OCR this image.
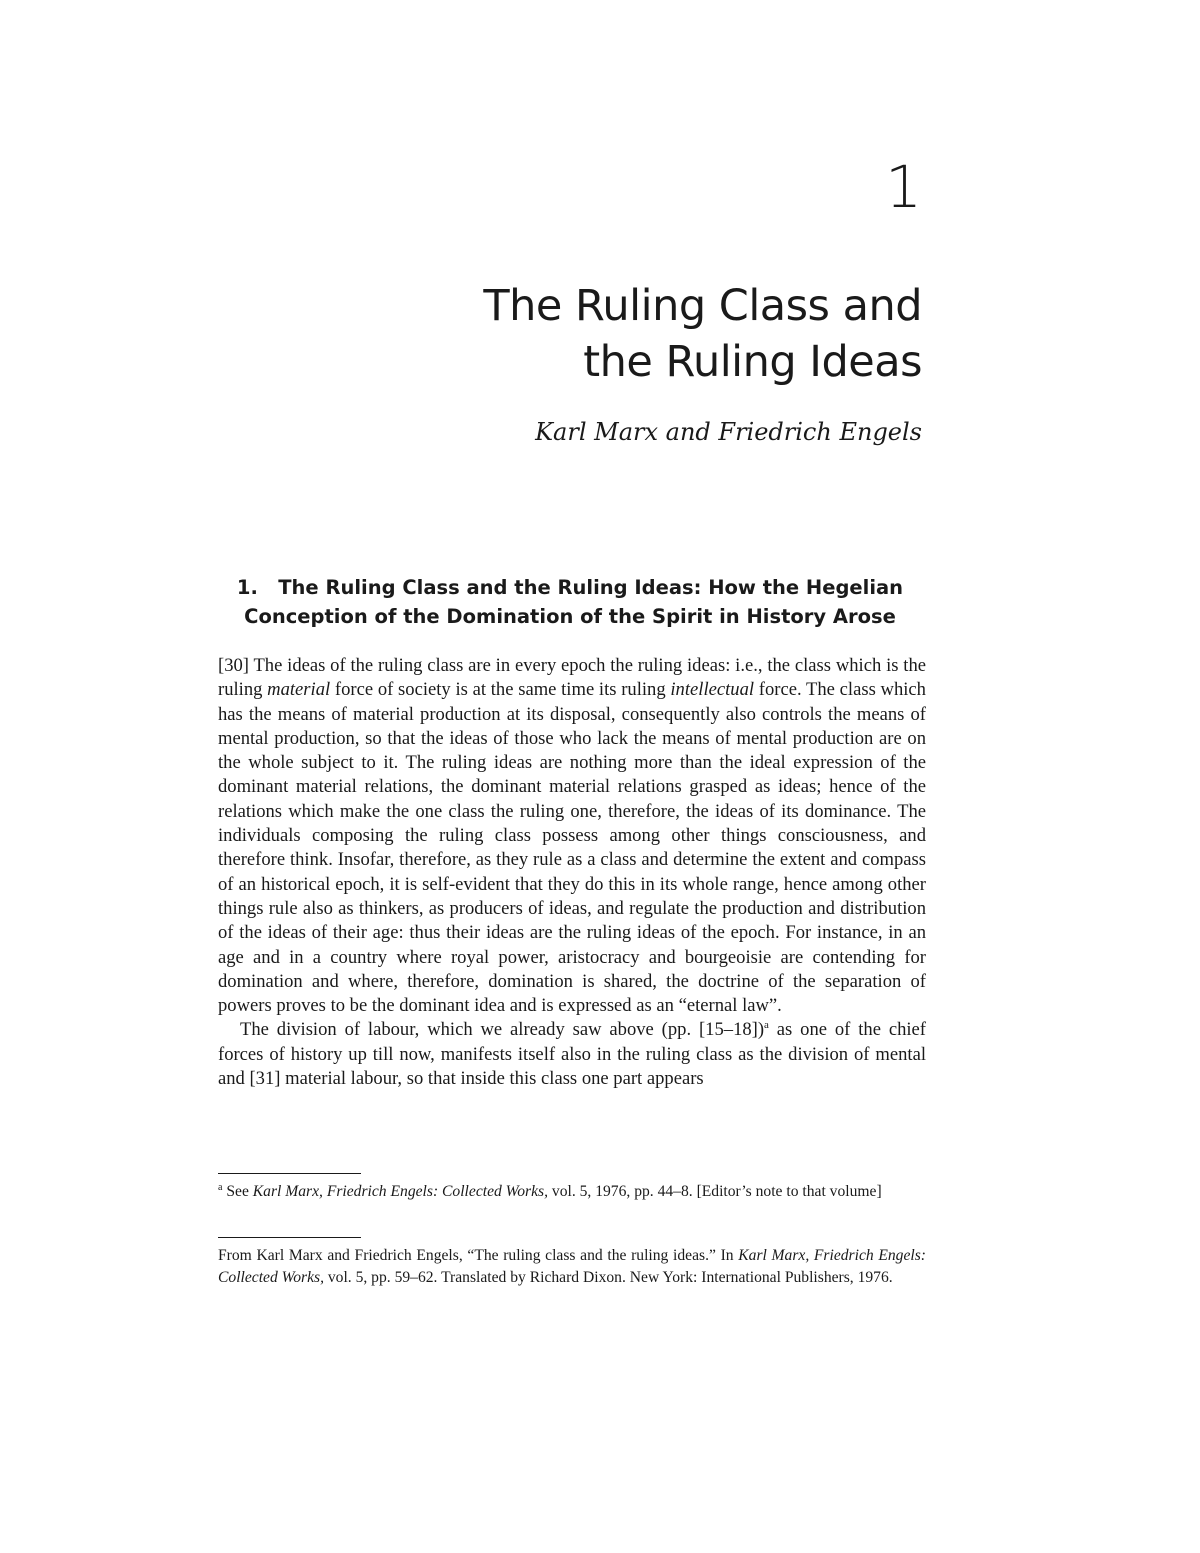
1
The Ruling Class and
the Ruling Ideas
Karl Marx and Friedrich Engels
1.   The Ruling Class and the Ruling Ideas: How the Hegelian
Conception of the Domination of the Spirit in History Arose

[30] The ideas of the ruling class are in every epoch the ruling ideas: i.e., the class which is the ruling material force of society is at the same time its ruling intellectual force. The class which has the means of material production at its disposal, consequently also controls the means of mental production, so that the ideas of those who lack the means of mental production are on the whole subject to it. The ruling ideas are nothing more than the ideal expression of the dominant material relations, the dominant material relations grasped as ideas; hence of the relations which make the one class the ruling one, therefore, the ideas of its dominance. The individuals composing the ruling class possess among other things consciousness, and therefore think. Insofar, therefore, as they rule as a class and determine the extent and compass of an historical epoch, it is self-evident that they do this in its whole range, hence among other things rule also as thinkers, as producers of ideas, and regulate the production and distribution of the ideas of their age: thus their ideas are the ruling ideas of the epoch. For instance, in an age and in a country where royal power, aristocracy and bourgeoisie are contending for domination and where, therefore, domination is shared, the doctrine of the separation of powers proves to be the dominant idea and is expressed as an “eternal law”.

The division of labour, which we already saw above (pp. [15–18])$^a$ as one of the chief forces of history up till now, manifests itself also in the ruling class as the division of mental and [31] material labour, so that inside this class one part appears

$^a$ See Karl Marx, Friedrich Engels: Collected Works, vol. 5, 1976, pp. 44–8. [Editor’s note to that volume]
From Karl Marx and Friedrich Engels, “The ruling class and the ruling ideas.” In Karl Marx, Friedrich Engels: Collected Works, vol. 5, pp. 59–62. Translated by Richard Dixon. New York: International Publishers, 1976.
